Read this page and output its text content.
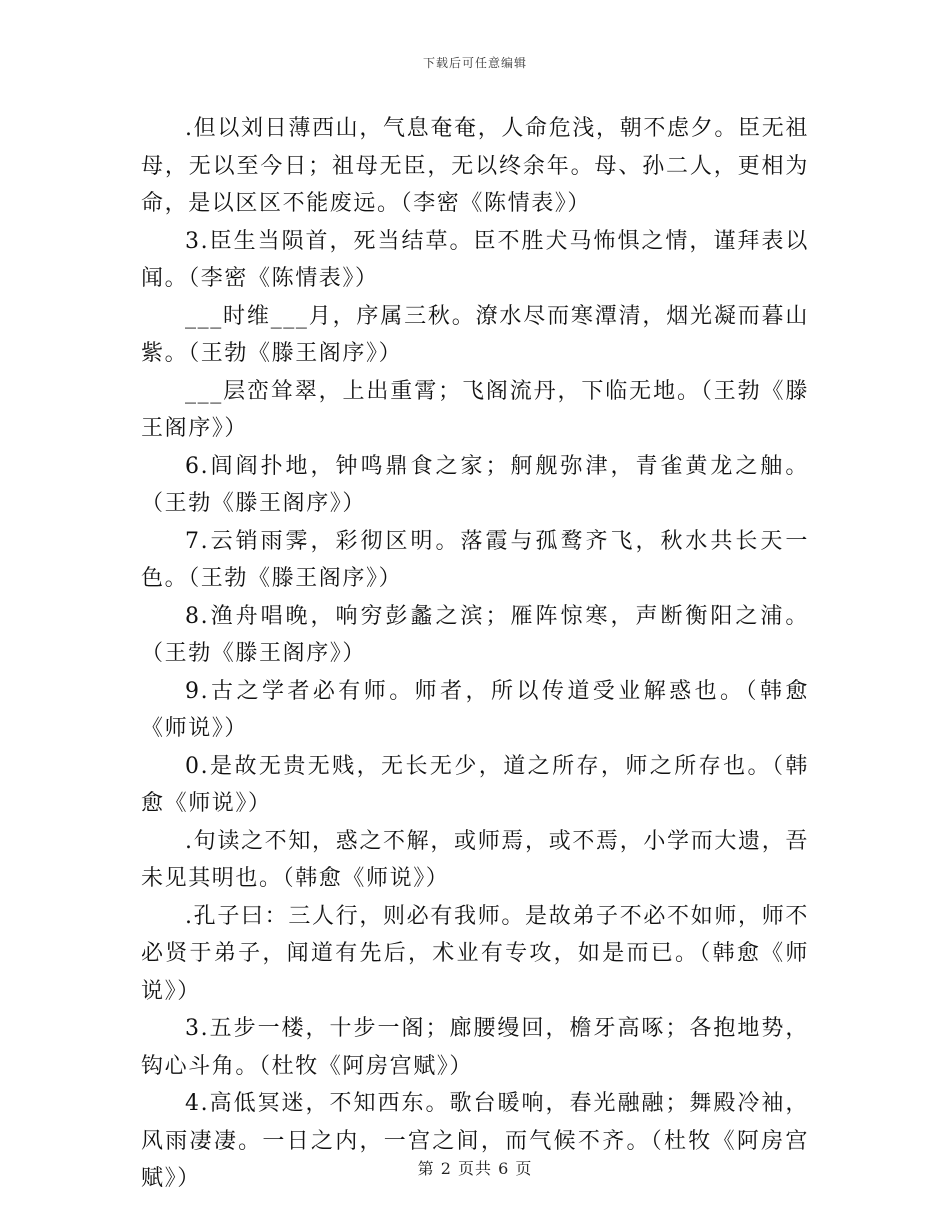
下载后可任意编辑

.但以刘日薄西山，气息奄奄，人命危浅，朝不虑夕。臣无祖母，无以至今日；祖母无臣，无以终余年。母、孙二人，更相为命，是以区区不能废远。（李密《陈情表》）

3.臣生当陨首，死当结草。臣不胜犬马怖惧之情，谨拜表以闻。（李密《陈情表》）

___时维___月，序属三秋。潦水尽而寒潭清，烟光凝而暮山紫。（王勃《滕王阁序》）

___层峦耸翠，上出重霄；飞阁流丹，下临无地。（王勃《滕王阁序》）

6.闾阎扑地，钟鸣鼎食之家；舸舰弥津，青雀黄龙之舳。（王勃《滕王阁序》）

7.云销雨霁，彩彻区明。落霞与孤鹜齐飞，秋水共长天一色。（王勃《滕王阁序》）

8.渔舟唱晚，响穷彭蠡之滨；雁阵惊寒，声断衡阳之浦。（王勃《滕王阁序》）

9.古之学者必有师。师者，所以传道受业解惑也。（韩愈《师说》）

0.是故无贵无贱，无长无少，道之所存，师之所存也。（韩愈《师说》）

.句读之不知，惑之不解，或师焉，或不焉，小学而大遗，吾未见其明也。（韩愈《师说》）

.孔子曰：三人行，则必有我师。是故弟子不必不如师，师不必贤于弟子，闻道有先后，术业有专攻，如是而已。（韩愈《师说》）

3.五步一楼，十步一阁；廊腰缦回，檐牙高啄；各抱地势，钩心斗角。（杜牧《阿房宫赋》）

4.高低冥迷，不知西东。歌台暖响，春光融融；舞殿冷袖，风雨凄凄。一日之内，一宫之间，而气候不齐。（杜牧《阿房宫赋》）	第 2 页共 6 页
